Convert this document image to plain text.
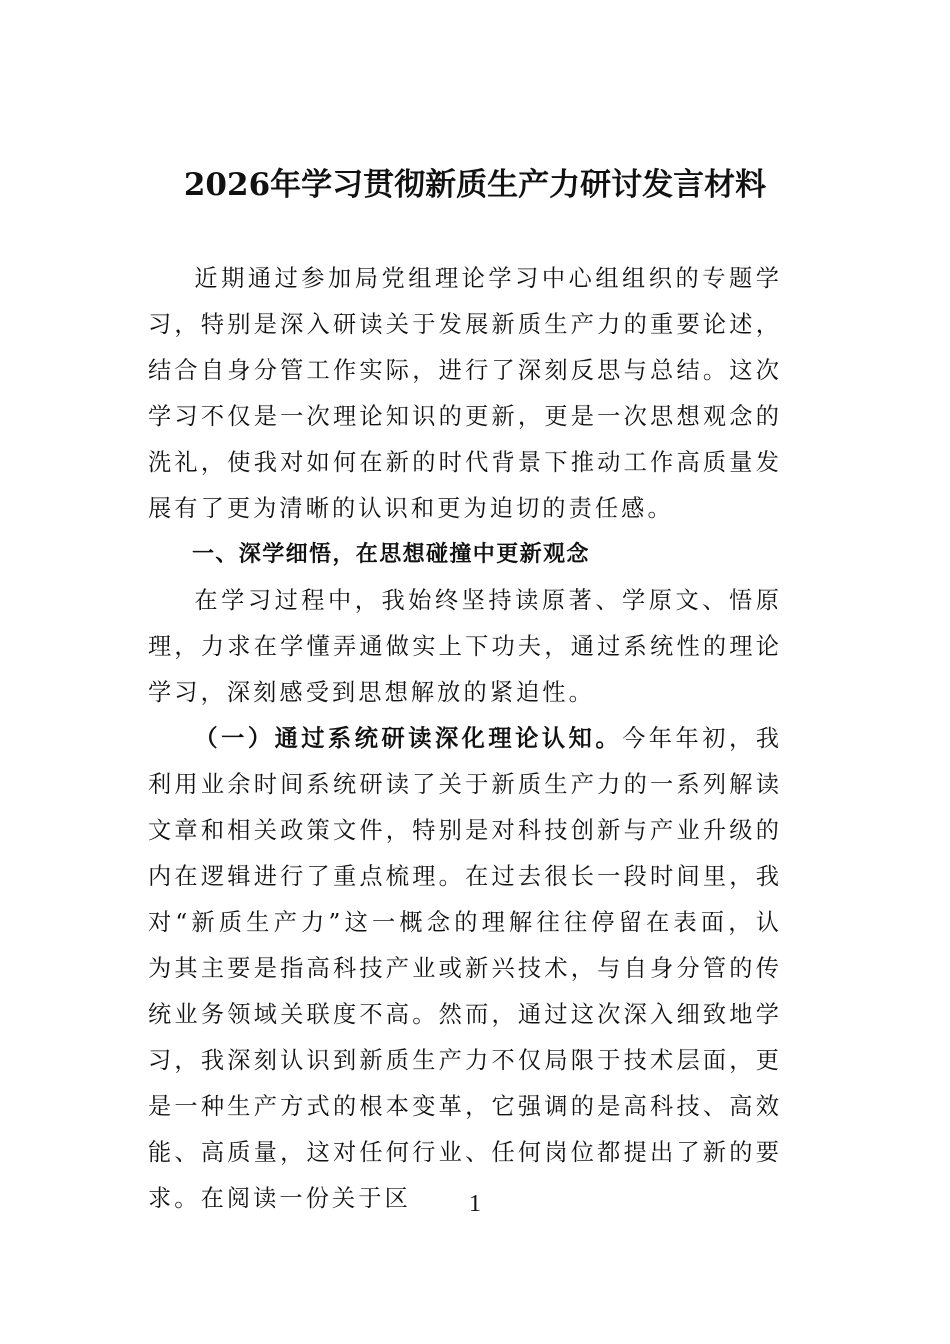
2026年学习贯彻新质生产力研讨发言材料

近期通过参加局党组理论学习中心组组织的专题学习，特别是深入研读关于发展新质生产力的重要论述，结合自身分管工作实际，进行了深刻反思与总结。这次学习不仅是一次理论知识的更新，更是一次思想观念的洗礼，使我对如何在新的时代背景下推动工作高质量发展有了更为清晰的认识和更为迫切的责任感。

一、深学细悟，在思想碰撞中更新观念

在学习过程中，我始终坚持读原著、学原文、悟原理，力求在学懂弄通做实上下功夫，通过系统性的理论学习，深刻感受到思想解放的紧迫性。

（一）通过系统研读深化理论认知。今年年初，我利用业余时间系统研读了关于新质生产力的一系列解读文章和相关政策文件，特别是对科技创新与产业升级的内在逻辑进行了重点梳理。在过去很长一段时间里，我对“新质生产力”这一概念的理解往往停留在表面，认为其主要是指高科技产业或新兴技术，与自身分管的传统业务领域关联度不高。然而，通过这次深入细致地学习，我深刻认识到新质生产力不仅局限于技术层面，更是一种生产方式的根本变革，它强调的是高科技、高效能、高质量，这对任何行业、任何岗位都提出了新的要求。在阅读一份关于区	1
